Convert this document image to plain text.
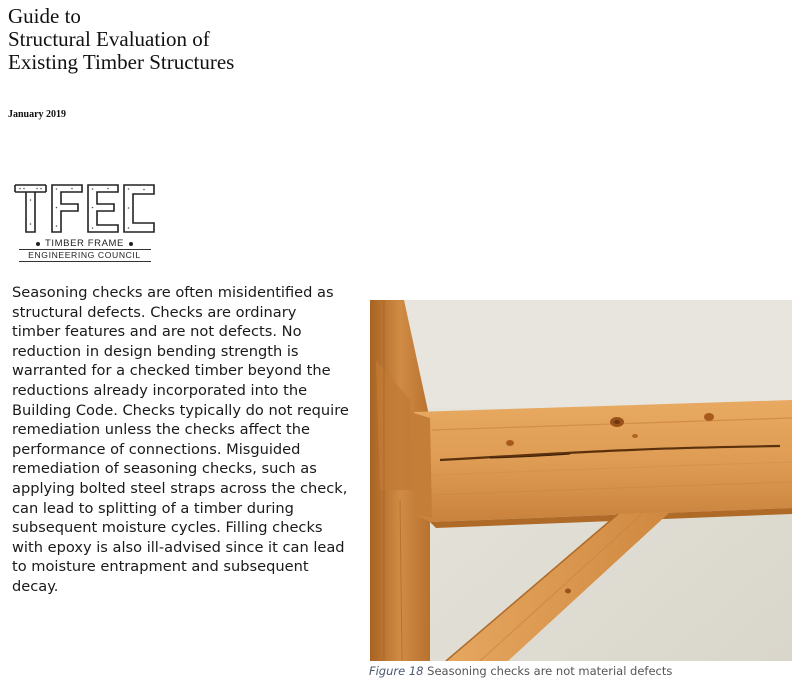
Guide to
Structural Evaluation of
Existing Timber Structures
January 2019
TIMBER FRAME
ENGINEERING COUNCIL
Seasoning checks are often misidentified as
structural defects. Checks are ordinary
timber features and are not defects. No
reduction in design bending strength is
warranted for a checked timber beyond the
reductions already incorporated into the
Building Code. Checks typically do not require
remediation unless the checks affect the
performance of connections. Misguided
remediation of seasoning checks, such as
applying bolted steel straps across the check,
can lead to splitting of a timber during
subsequent moisture cycles. Filling checks
with epoxy is also ill-advised since it can lead
to moisture entrapment and subsequent
decay.
Figure 18 Seasoning checks are not material defects
